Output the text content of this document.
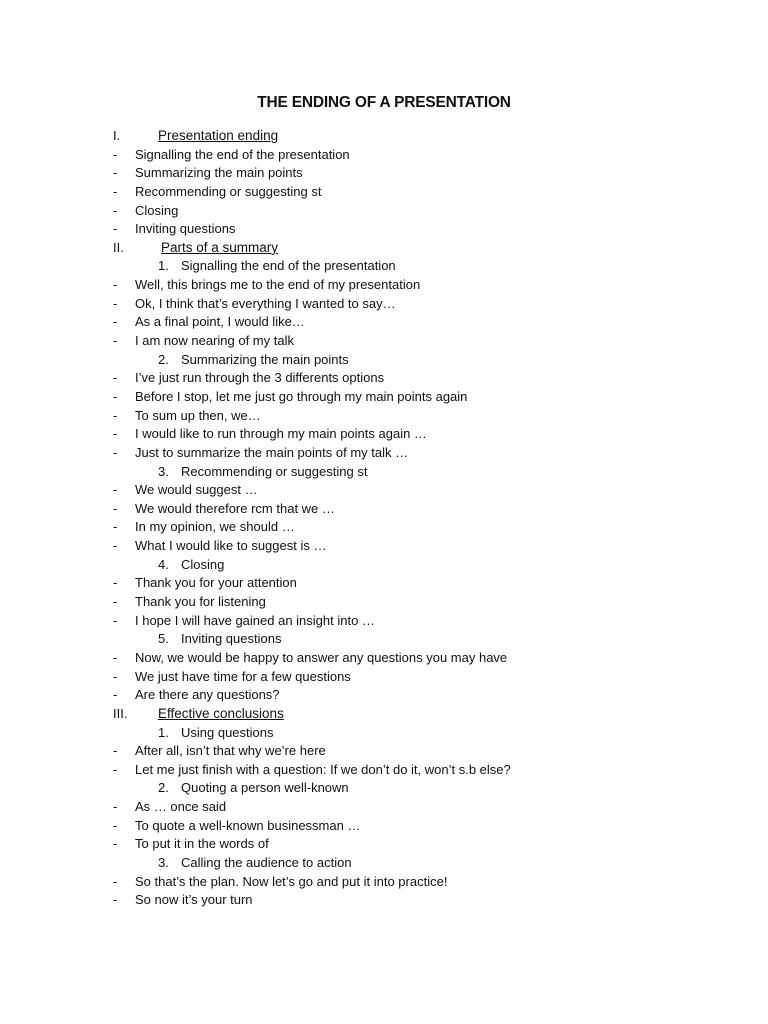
THE ENDING OF A PRESENTATION
I.	Presentation ending
- Signalling the end of the presentation
- Summarizing the main points
- Recommending or suggesting st
- Closing
- Inviting questions
II.	Parts of a summary
1. Signalling the end of the presentation
- Well, this brings me to the end of my presentation
- Ok, I think that’s everything I wanted to say…
- As a final point, I would like…
- I am now nearing of my talk
2. Summarizing the main points
- I’ve just run through the 3 differents options
- Before I stop, let me just go through my main points again
- To sum up then, we…
- I would like to run through my main points again …
- Just to summarize the main points of my talk …
3. Recommending or suggesting st
- We would suggest …
- We would therefore rcm that we …
- In my opinion, we should …
- What I would like to suggest is …
4. Closing
- Thank you for your attention
- Thank you for listening
- I hope I will have gained an insight into …
5. Inviting questions
- Now, we would be happy to answer any questions you may have
- We just have time for a few questions
- Are there any questions?
III. Effective conclusions
1. Using questions
- After all, isn’t that why we’re here
- Let me just finish with a question: If we don’t do it, won’t s.b else?
2. Quoting a person well-known
- As … once said
- To quote a well-known businessman …
- To put it in the words of
3. Calling the audience to action
- So that’s the plan. Now let’s go and put it into practice!
- So now it’s your turn
